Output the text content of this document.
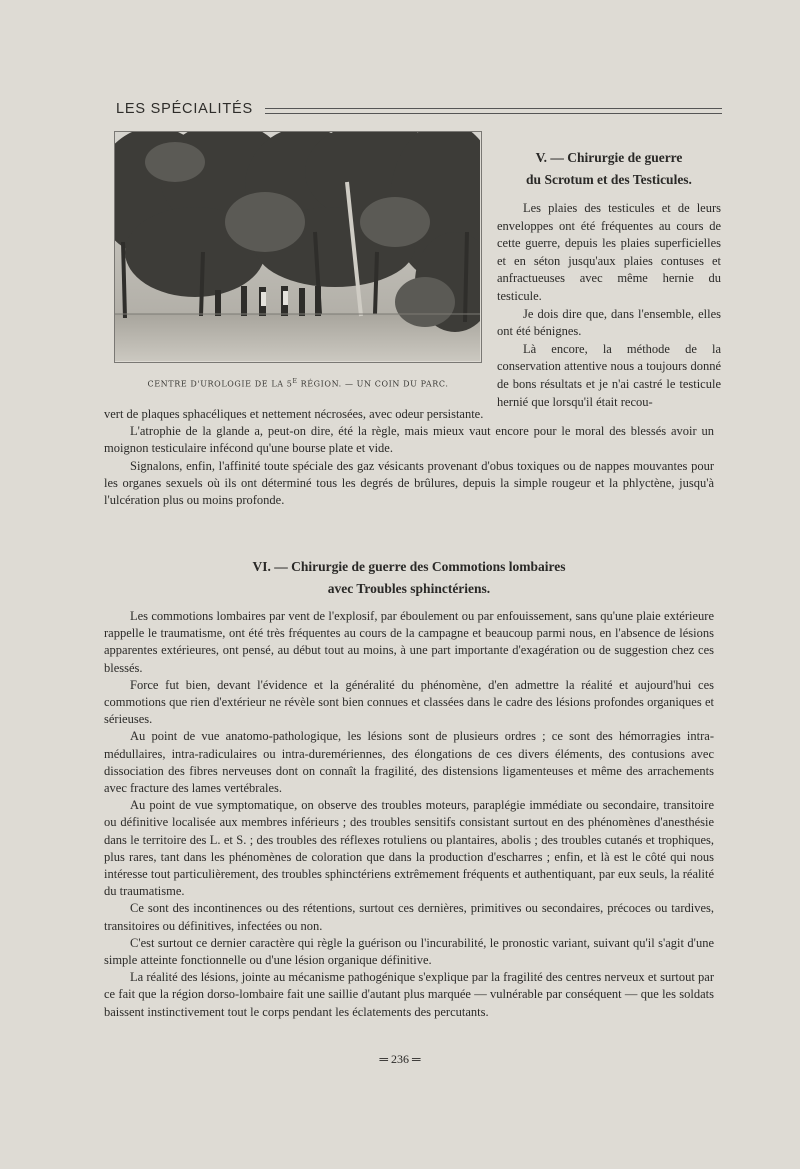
LES SPÉCIALITÉS
CENTRE D'UROLOGIE DE LA $5^E$ RÉGION. — UN COIN DU PARC.
V. — Chirurgie de guerre
du Scrotum et des Testicules.

Les plaies des testicules et de leurs enveloppes ont été fréquentes au cours de cette guerre, depuis les plaies superficielles et en séton jusqu'aux plaies contuses et anfractueuses avec même hernie du testicule.

Je dois dire que, dans l'ensemble, elles ont été bénignes.

Là encore, la méthode de la conservation attentive nous a toujours donné de bons résultats et je n'ai castré le testicule hernié que lorsqu'il était recou-

vert de plaques sphacéliques et nettement nécrosées, avec odeur persistante.

L'atrophie de la glande a, peut-on dire, été la règle, mais mieux vaut encore pour le moral des blessés avoir un moignon testiculaire infécond qu'une bourse plate et vide.

Signalons, enfin, l'affinité toute spéciale des gaz vésicants provenant d'obus toxiques ou de nappes mouvantes pour les organes sexuels où ils ont déterminé tous les degrés de brûlures, depuis la simple rougeur et la phlyctène, jusqu'à l'ulcération plus ou moins profonde.

VI. — Chirurgie de guerre des Commotions lombaires
avec Troubles sphinctériens.

Les commotions lombaires par vent de l'explosif, par éboulement ou par enfouissement, sans qu'une plaie extérieure rappelle le traumatisme, ont été très fréquentes au cours de la campagne et beaucoup parmi nous, en l'absence de lésions apparentes extérieures, ont pensé, au début tout au moins, à une part importante d'exagération ou de suggestion chez ces blessés.

Force fut bien, devant l'évidence et la généralité du phénomène, d'en admettre la réalité et aujourd'hui ces commotions que rien d'extérieur ne révèle sont bien connues et classées dans le cadre des lésions profondes organiques et sérieuses.

Au point de vue anatomo-pathologique, les lésions sont de plusieurs ordres ; ce sont des hémorragies intra-médullaires, intra-radiculaires ou intra-duremériennes, des élongations de ces divers éléments, des contusions avec dissociation des fibres nerveuses dont on connaît la fragilité, des distensions ligamenteuses et même des arrachements avec fracture des lames vertébrales.

Au point de vue symptomatique, on observe des troubles moteurs, paraplégie immédiate ou secondaire, transitoire ou définitive localisée aux membres inférieurs ; des troubles sensitifs consistant surtout en des phénomènes d'anesthésie dans le territoire des L. et S. ; des troubles des réflexes rotuliens ou plantaires, abolis ; des troubles cutanés et trophiques, plus rares, tant dans les phénomènes de coloration que dans la production d'escharres ; enfin, et là est le côté qui nous intéresse tout particulièrement, des troubles sphinctériens extrêmement fréquents et authentiquant, par eux seuls, la réalité du traumatisme.

Ce sont des incontinences ou des rétentions, surtout ces dernières, primitives ou secondaires, précoces ou tardives, transitoires ou définitives, infectées ou non.

C'est surtout ce dernier caractère qui règle la guérison ou l'incurabilité, le pronostic variant, suivant qu'il s'agit d'une simple atteinte fonctionnelle ou d'une lésion organique définitive.

La réalité des lésions, jointe au mécanisme pathogénique s'explique par la fragilité des centres nerveux et surtout par ce fait que la région dorso-lombaire fait une saillie d'autant plus marquée — vulnérable par conséquent — que les soldats baissent instinctivement tout le corps pendant les éclatements des percutants.

═ 236 ═
